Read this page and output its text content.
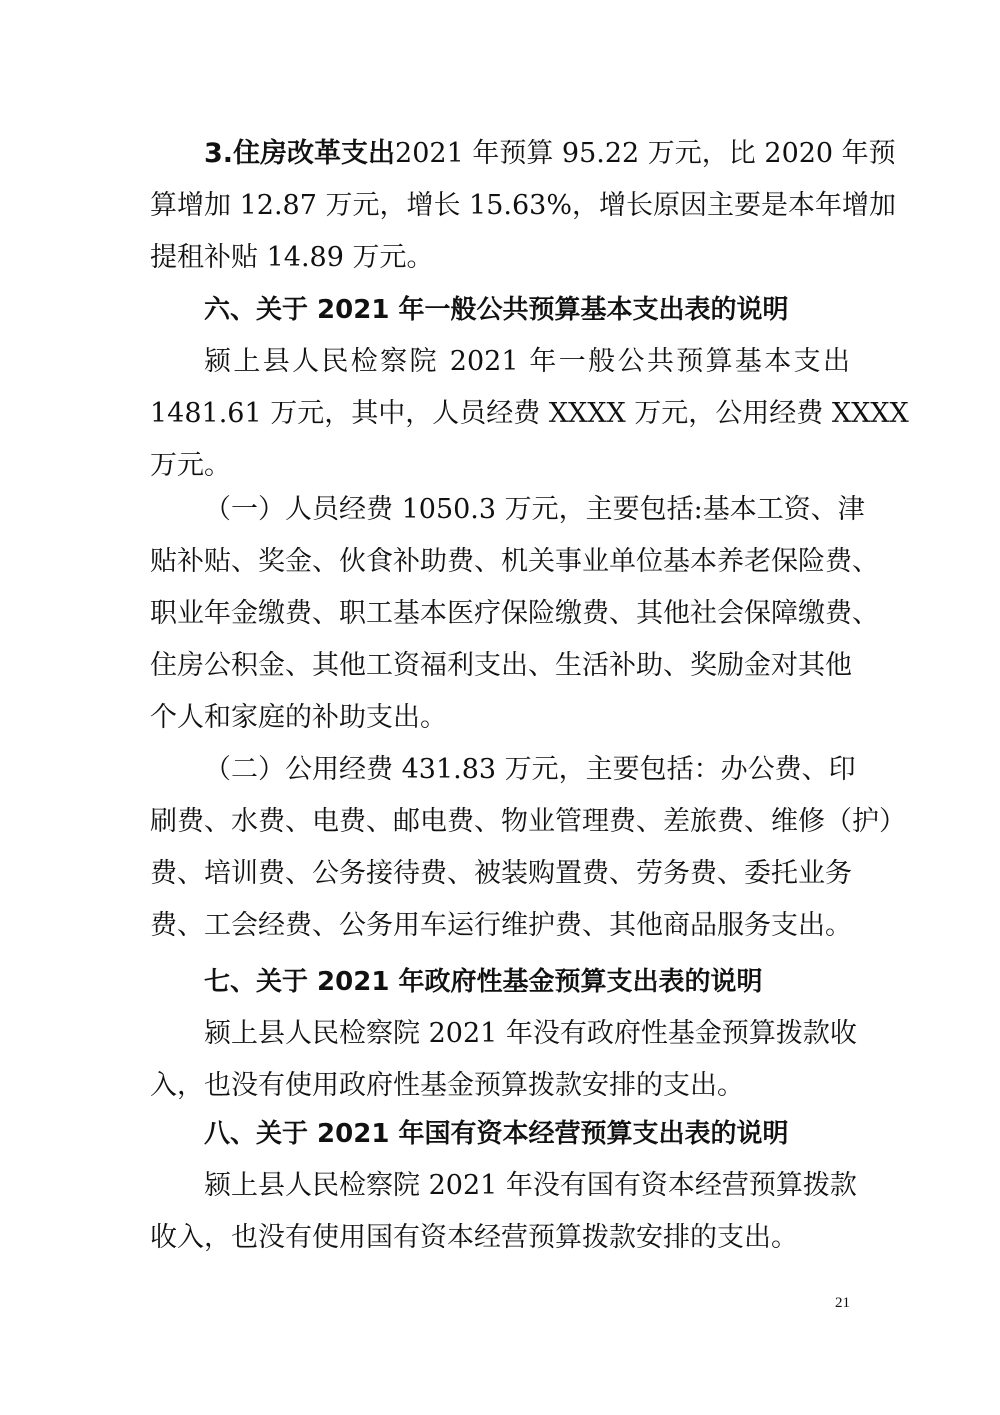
3.住房改革支出2021 年预算 95.22 万元，比 2020 年预
算增加 12.87 万元，增长 15.63%，增长原因主要是本年增加
提租补贴 14.89 万元。
六、关于 2021 年一般公共预算基本支出表的说明
颍上县人民检察院 2021 年一般公共预算基本支出
1481.61 万元，其中，人员经费 XXXX 万元，公用经费 XXXX
万元。
（一）人员经费 1050.3 万元，主要包括:基本工资、津
贴补贴、奖金、伙食补助费、机关事业单位基本养老保险费、
职业年金缴费、职工基本医疗保险缴费、其他社会保障缴费、
住房公积金、其他工资福利支出、生活补助、奖励金对其他
个人和家庭的补助支出。
（二）公用经费 431.83 万元，主要包括：办公费、印
刷费、水费、电费、邮电费、物业管理费、差旅费、维修（护）
费、培训费、公务接待费、被装购置费、劳务费、委托业务
费、工会经费、公务用车运行维护费、其他商品服务支出。
七、关于 2021 年政府性基金预算支出表的说明
颍上县人民检察院 2021 年没有政府性基金预算拨款收
入，也没有使用政府性基金预算拨款安排的支出。
八、关于 2021 年国有资本经营预算支出表的说明
颍上县人民检察院 2021 年没有国有资本经营预算拨款
收入，也没有使用国有资本经营预算拨款安排的支出。
21
